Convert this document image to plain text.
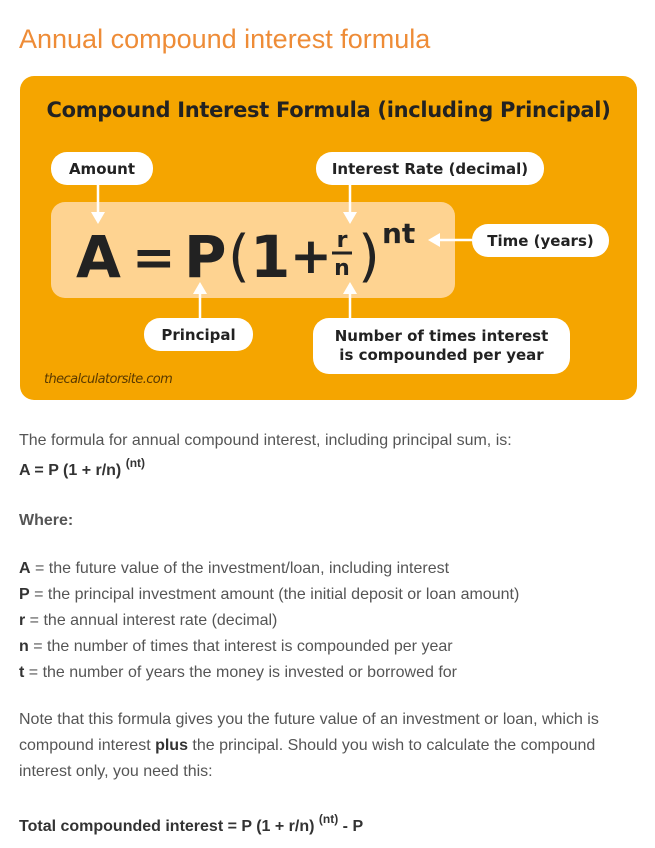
Annual compound interest formula
Compound Interest Formula (including Principal)
Amount	Interest Rate (decimal)
Time (years)
Principal	Number of times interest
is compounded per year
A = P ( 1 + r
n ) nt
thecalculatorsite.com
The formula for annual compound interest, including principal sum, is:
A = P (1 + r/n) $^{(nt)}$
Where:
A = the future value of the investment/loan, including interest
P = the principal investment amount (the initial deposit or loan amount)
r = the annual interest rate (decimal)
n = the number of times that interest is compounded per year
t = the number of years the money is invested or borrowed for
Note that this formula gives you the future value of an investment or loan, which is compound interest plus the principal. Should you wish to calculate the compound interest only, you need this:
Total compounded interest = P (1 + r/n) $^{(nt)}$ - P
